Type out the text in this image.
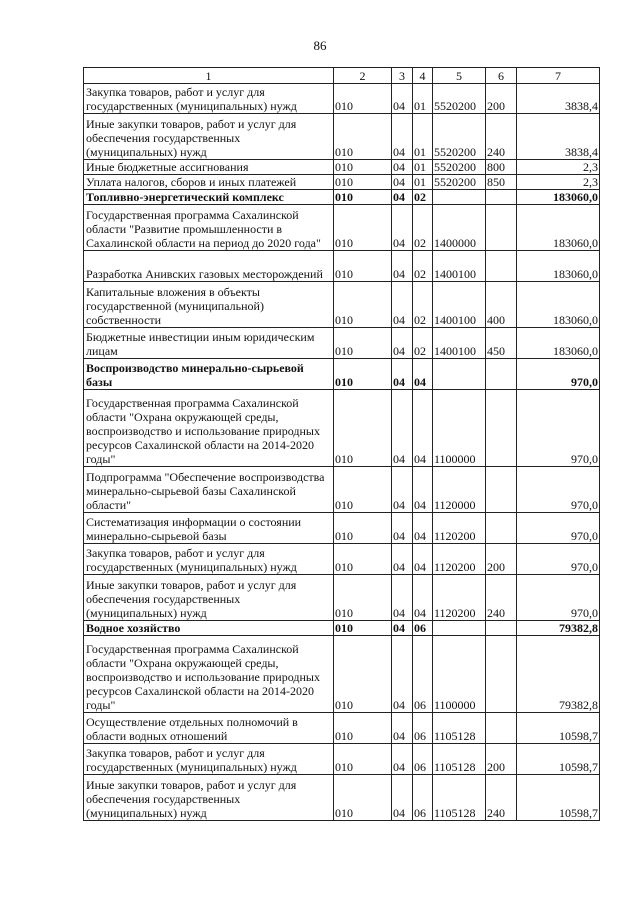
86
1	2	3	4	5	6	7
Закупка товаров, работ и услуг для государственных (муниципальных) нужд	010	04	01	5520200	200	3838,4
Иные закупки товаров, работ и услуг для обеспечения государственных (муниципальных) нужд	010	04	01	5520200	240	3838,4
Иные бюджетные ассигнования	010	04	01	5520200	800	2,3
Уплата налогов, сборов и иных платежей	010	04	01	5520200	850	2,3
Топливно-энергетический комплекс	010	04	02			183060,0
Государственная программа Сахалинской области "Развитие промышленности в Сахалинской области на период до 2020 года"	010	04	02	1400000		183060,0
Разработка Анивских газовых месторождений	010	04	02	1400100		183060,0
Капитальные вложения в объекты государственной (муниципальной) собственности	010	04	02	1400100	400	183060,0
Бюджетные инвестиции иным юридическим лицам	010	04	02	1400100	450	183060,0
Воспроизводство минерально-сырьевой базы	010	04	04			970,0
Государственная программа Сахалинской области "Охрана окружающей среды, воспроизводство и использование природных ресурсов Сахалинской области на 2014-2020 годы"	010	04	04	1100000		970,0
Подпрограмма "Обеспечение воспроизводства минерально-сырьевой базы Сахалинской области"	010	04	04	1120000		970,0
Систематизация информации о состоянии минерально-сырьевой базы	010	04	04	1120200		970,0
Закупка товаров, работ и услуг для государственных (муниципальных) нужд	010	04	04	1120200	200	970,0
Иные закупки товаров, работ и услуг для обеспечения государственных (муниципальных) нужд	010	04	04	1120200	240	970,0
Водное хозяйство	010	04	06			79382,8
Государственная программа Сахалинской области "Охрана окружающей среды, воспроизводство и использование природных ресурсов Сахалинской области на 2014-2020 годы"	010	04	06	1100000		79382,8
Осуществление отдельных полномочий в области водных отношений	010	04	06	1105128		10598,7
Закупка товаров, работ и услуг для государственных (муниципальных) нужд	010	04	06	1105128	200	10598,7
Иные закупки товаров, работ и услуг для обеспечения государственных (муниципальных) нужд	010	04	06	1105128	240	10598,7
